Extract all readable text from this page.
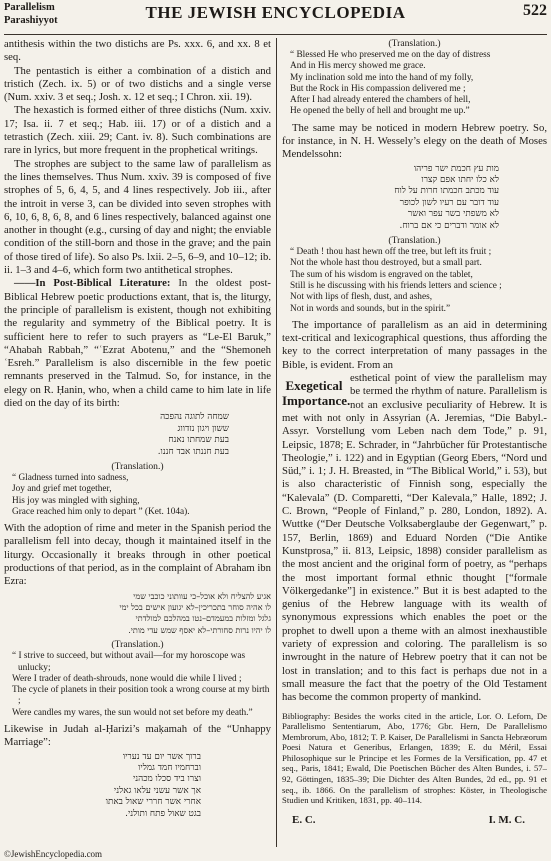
Parallelism
Parashiyyot	THE JEWISH ENCYCLOPEDIA	522

antithesis within the two distichs are Ps. xxx. 6, and xx. 8 et seq.

The pentastich is either a combination of a distich and tristich (Zech. ix. 5) or of two distichs and a single verse (Num. xxiv. 3 et seq.; Josh. x. 12 et seq.; I Chron. xii. 19).

The hexastich is formed either of three distichs (Num. xxiv. 17; Isa. ii. 7 et seq.; Hab. iii. 17) or of a distich and a tetrastich (Zech. xiii. 29; Cant. iv. 8). Such combinations are rare in lyrics, but more frequent in the prophetical writings.

The strophes are subject to the same law of parallelism as the lines themselves. Thus Num. xxiv. 39 is composed of five strophes of 5, 6, 4, 5, and 4 lines respectively. Job iii., after the introit in verse 3, can be divided into seven strophes with 6, 10, 6, 8, 6, 8, and 6 lines respectively, balanced against one another in thought (e.g., cursing of day and night; the enviable condition of the still-born and those in the grave; and the pain of those tired of life). So also Ps. lxii. 2–5, 6–9, and 10–12; ib. ii. 1–3 and 4–6, which form two antithetical strophes.

——In Post-Biblical Literature: In the oldest post-Biblical Hebrew poetic productions extant, that is, the liturgy, the principle of parallelism is existent, though not exhibiting the regularity and symmetry of the Biblical poetry. It is sufficient here to refer to such prayers as “Le-El Baruk,” “Ahabah Rabbah,” “ʿEzrat Abotenu,” and the “Shemoneh ʿEsreh.” Parallelism is also discernible in the few poetic remnants preserved in the Talmud. So, for instance, in the elegy on R. Ḥanin, who, when a child came to him late in life died on the day of its birth:

שמחה לתוגה נהפכה
ששון ויגון נזדווג
בעת שמחתו נאנח
בעת חננתו אבד חננו.
(Translation.)

“ Gladness turned into sadness,

Joy and grief met together,

His joy was mingled with sighing,

Grace reached him only to depart ” (Ket. 104a).

With the adoption of rime and meter in the Spanish period the parallelism fell into decay, though it maintained itself in the liturgy. Occasionally it breaks through in other poetical productions of that period, as in the complaint of Abraham ibn Ezra:

אגיע להצליח ולא אוכל–כי עוותוני כוכבי שמי
לו אהיה סוחר בתכריכין–לא יגועון אישים בכל ימי
גלגל ומזלות במעמדם–נטו במהלכם למולדתי
לו יהיו נרות סחורתי–לא יאסף שמש עדי מותי.
(Translation.)

“ I strive to succeed, but without avail—for my horoscope was unlucky;

Were I trader of death-shrouds, none would die while I lived ;

The cycle of planets in their position took a wrong course at my birth ;

Were candles my wares, the sun would not set before my death.”

Likewise in Judah al-Ḥarizi’s maḳamah of the “Unhappy Marriage”:

ברוך אשר יום עד נעריו
וברחמיו חמד גמליו
וצרו ביד סכלו מכהני
אך אשר עשני עלאו גאלני
אחרי אשר חררי שאול באתו
בגט שאול פתח ותולני.
(Translation.)

“ Blessed He who preserved me on the day of distress

And in His mercy showed me grace.

My inclination sold me into the hand of my folly,

But the Rock in His compassion delivered me ;

After I had already entered the chambers of hell,

He opened the belly of hell and brought me up.”

The same may be noticed in modern Hebrew poetry. So, for instance, in N. H. Wessely’s elegy on the death of Moses Mendelssohn:

מות עץ חכמת ישר פריהו
לא כלו יחתו אפם קצרו
עוד מכתב חכמתו חרות על לוח
עוד דובר עם רעיו לשון לכופר
לא משפתי בשר עפר ואשר
לא אומר ודברים כי אם ברוח.
(Translation.)

“ Death ! thou hast hewn off the tree, but left its fruit ;

Not the whole hast thou destroyed, but a small part.

The sum of his wisdom is engraved on the tablet,

Still is he discussing with his friends letters and science ;

Not with lips of flesh, dust, and ashes,

Not in words and sounds, but in the spirit.”

The importance of parallelism as an aid in determining text-critical and lexicographical questions, thus affording the key to the correct interpretation of many passages in the Bible, is evident. From an

Exegetical Importance.

esthetical point of view the parallelism may be termed the rhythm of nature. Parallelism is not an exclusive peculiarity of Hebrew. It is met with not only in Assyrian (A. Jeremias, “Die Babyl.-Assyr. Vorstellung vom Leben nach dem Tode,” p. 91, Leipsic, 1878; E. Schrader, in “Jahrbücher für Protestantische Theologie,” i. 122) and in Egyptian (Georg Ebers, “Nord und Süd,” i. 1; J. H. Breasted, in “The Biblical World,” i. 53), but is also characteristic of Finnish song, especially the “Kalevala” (D. Comparetti, “Der Kalevala,” Halle, 1892; J. C. Brown, “People of Finland,” p. 280, London, 1892). A. Wuttke (“Der Deutsche Volksaberglaube der Gegenwart,” p. 157, Berlin, 1869) and Eduard Norden (“Die Antike Kunstprosa,” ii. 813, Leipsic, 1898) consider parallelism as the most ancient and the original form of poetry, as “perhaps the most important formal ethnic thought [“formale Völkergedanke”] in existence.” But it is best adapted to the genius of the Hebrew language with its wealth of synonymous expressions which enables the poet or the prophet to dwell upon a theme with an almost inexhaustible variety of expression and coloring. The parallelism is so inwrought in the nature of Hebrew poetry that it can not be lost in translation; and to this fact is perhaps due not in a small measure the fact that the poetry of the Old Testament has become the common property of mankind.

Bibliography: Besides the works cited in the article, Lor. O. Leforn, De Parallelismo Sententiarum, Abo, 1776; Gbr. Hern, De Parallelismo Membrorum, Abo, 1812; T. P. Kaiser, De Parallelismi in Sancta Hebræorum Poesi Natura et Generibus, Erlangen, 1839; E. du Méril, Essai Philosophique sur le Principe et les Formes de la Versification, pp. 47 et seq., Paris, 1841; Ewald, Die Poetischen Bücher des Alten Bundes, i. 57–92, Göttingen, 1835–39; Die Dichter des Alten Bundes, 2d ed., pp. 91 et seq., ib. 1866. On the parallelism of strophes: Köster, in Theologische Studien und Kritiken, 1831, pp. 40–114.
E. C.	I. M. C.
©JewishEncyclopedia.com
